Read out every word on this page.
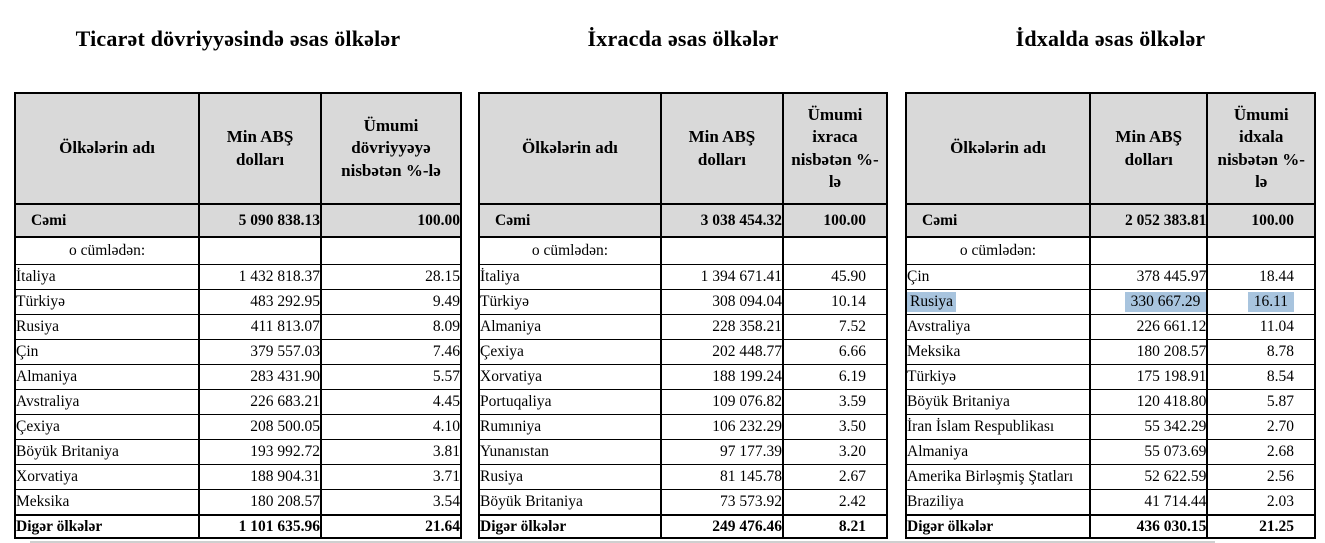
Ticarət dövriyyəsində əsas ölkələr
Ölkələrin adı	Min ABŞ dolları	Ümumi dövriyyəyə nisbətən %-lə
Cəmi	5 090 838.13	100.00
o cümlədən:		
İtaliya	1 432 818.37	28.15
Türkiyə	483 292.95	9.49
Rusiya	411 813.07	8.09
Çin	379 557.03	7.46
Almaniya	283 431.90	5.57
Avstraliya	226 683.21	4.45
Çexiya	208 500.05	4.10
Böyük Britaniya	193 992.72	3.81
Xorvatiya	188 904.31	3.71
Meksika	180 208.57	3.54
Digər ölkələr	1 101 635.96	21.64
İxracda əsas ölkələr
Ölkələrin adı	Min ABŞ dolları	Ümumi ixraca nisbətən %-lə
Cəmi	3 038 454.32	100.00
o cümlədən:		
İtaliya	1 394 671.41	45.90
Türkiyə	308 094.04	10.14
Almaniya	228 358.21	7.52
Çexiya	202 448.77	6.66
Xorvatiya	188 199.24	6.19
Portuqaliya	109 076.82	3.59
Rumıniya	106 232.29	3.50
Yunanıstan	97 177.39	3.20
Rusiya	81 145.78	2.67
Böyük Britaniya	73 573.92	2.42
Digər ölkələr	249 476.46	8.21
İdxalda əsas ölkələr
Ölkələrin adı	Min ABŞ dolları	Ümumi idxala nisbətən %-lə
Cəmi	2 052 383.81	100.00
o cümlədən:		
Çin	378 445.97	18.44
Rusiya	330 667.29	16.11
Avstraliya	226 661.12	11.04
Meksika	180 208.57	8.78
Türkiyə	175 198.91	8.54
Böyük Britaniya	120 418.80	5.87
İran İslam Respublikası	55 342.29	2.70
Almaniya	55 073.69	2.68
Amerika Birləşmiş Ştatları	52 622.59	2.56
Braziliya	41 714.44	2.03
Digər ölkələr	436 030.15	21.25
